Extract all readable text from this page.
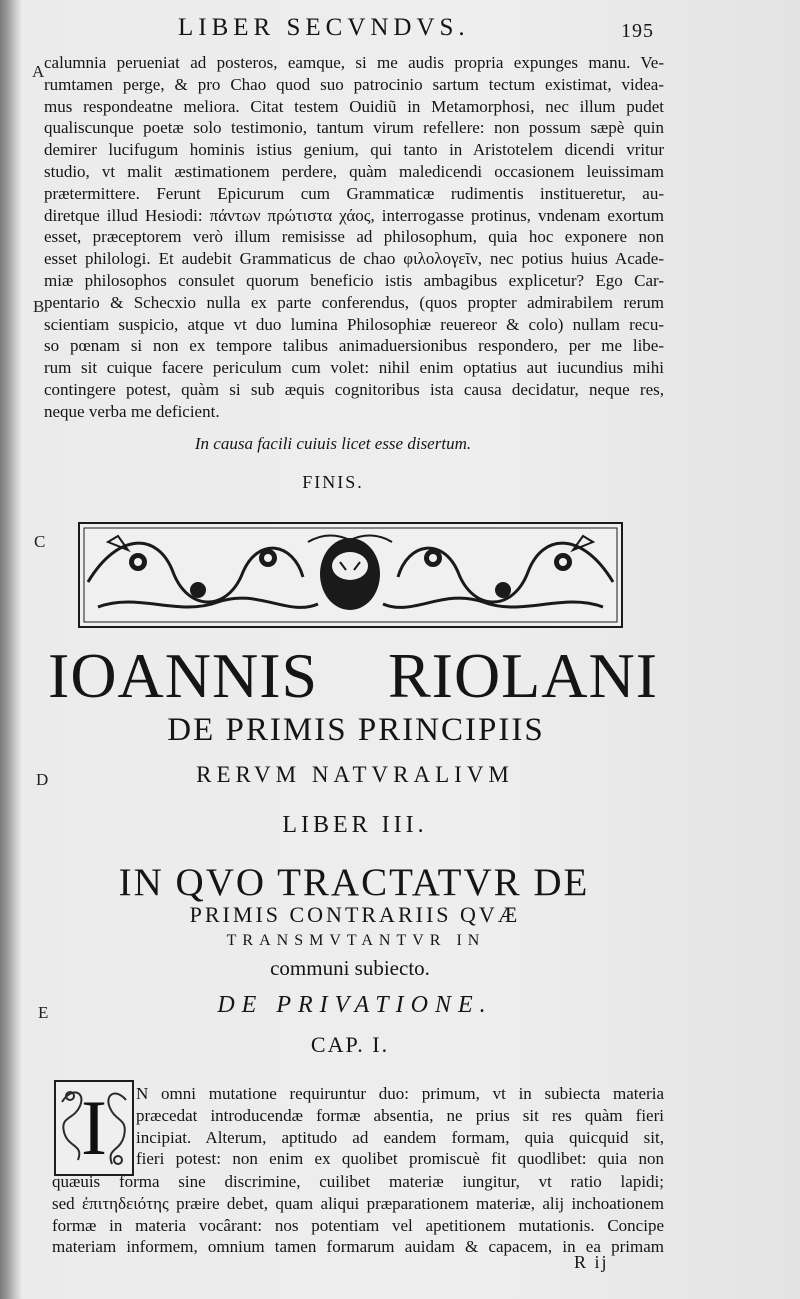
LIBER SECVNDVS.	195
A
B
C
D
E
calumnia perueniat ad posteros, eamque, si me audis propria expunges manu. Ve-
rumtamen perge, & pro Chao quod suo patrocinio sartum tectum existimat, videa-
mus respondeatne meliora. Citat testem Ouidiũ in Metamorphosi, nec illum pudet
qualiscunque poetæ solo testimonio, tantum virum refellere: non possum sæpè quin
demirer lucifugum hominis istius genium, qui tanto in Aristotelem dicendi vritur
studio, vt malit æstimationem perdere, quàm maledicendi occasionem leuissimam
prætermittere. Ferunt Epicurum cum Grammaticæ rudimentis institueretur, au-
diretque illud Hesiodi: πάντων πρώτιστα χάος, interrogasse protinus, vndenam exortum
esset, præceptorem verò illum remisisse ad philosophum, quia hoc exponere non
esset philologi. Et audebit Grammaticus de chao φιλολογεῖν, nec potius huius Acade-
miæ philosophos consulet quorum beneficio istis ambagibus explicetur? Ego Car-
pentario & Schecxio nulla ex parte conferendus, (quos propter admirabilem rerum
scientiam suspicio, atque vt duo lumina Philosophiæ reuereor & colo) nullam recu-
so pœnam si non ex tempore talibus animaduersionibus respondero, per me libe-
rum sit cuique facere periculum cum volet: nihil enim optatius aut iucundius mihi
contingere potest, quàm si sub æquis cognitoribus ista causa decidatur, neque res,
neque verba me deficient.
In causa facili cuiuis licet esse disertum.
FINIS.
IOANNIS RIOLANI
DE PRIMIS PRINCIPIIS
RERVM NATVRALIVM
LIBER III.
IN QVO TRACTATVR DE
PRIMIS CONTRARIIS QVÆ
TRANSMVTANTVR IN
communi subiecto.
DE PRIVATIONE.
CAP. I.
I	N omni mutatione requiruntur duo: primum, vt in subiecta materia
præcedat introducendæ formæ absentia, ne prius sit res quàm fieri
incipiat. Alterum, aptitudo ad eandem formam, quia quicquid sit,
fieri potest: non enim ex quolibet promiscuè fit quodlibet: quia non
quæuis forma sine discrimine, cuilibet materiæ iungitur, vt ratio lapidi;
sed ἐπιτηδειότης præire debet, quam aliqui præparationem materiæ, alij inchoationem
formæ in materia vocârant: nos potentiam vel apetitionem mutationis. Concipe
materiam informem, omnium tamen formarum auidam & capacem, in ea primam
R ij
